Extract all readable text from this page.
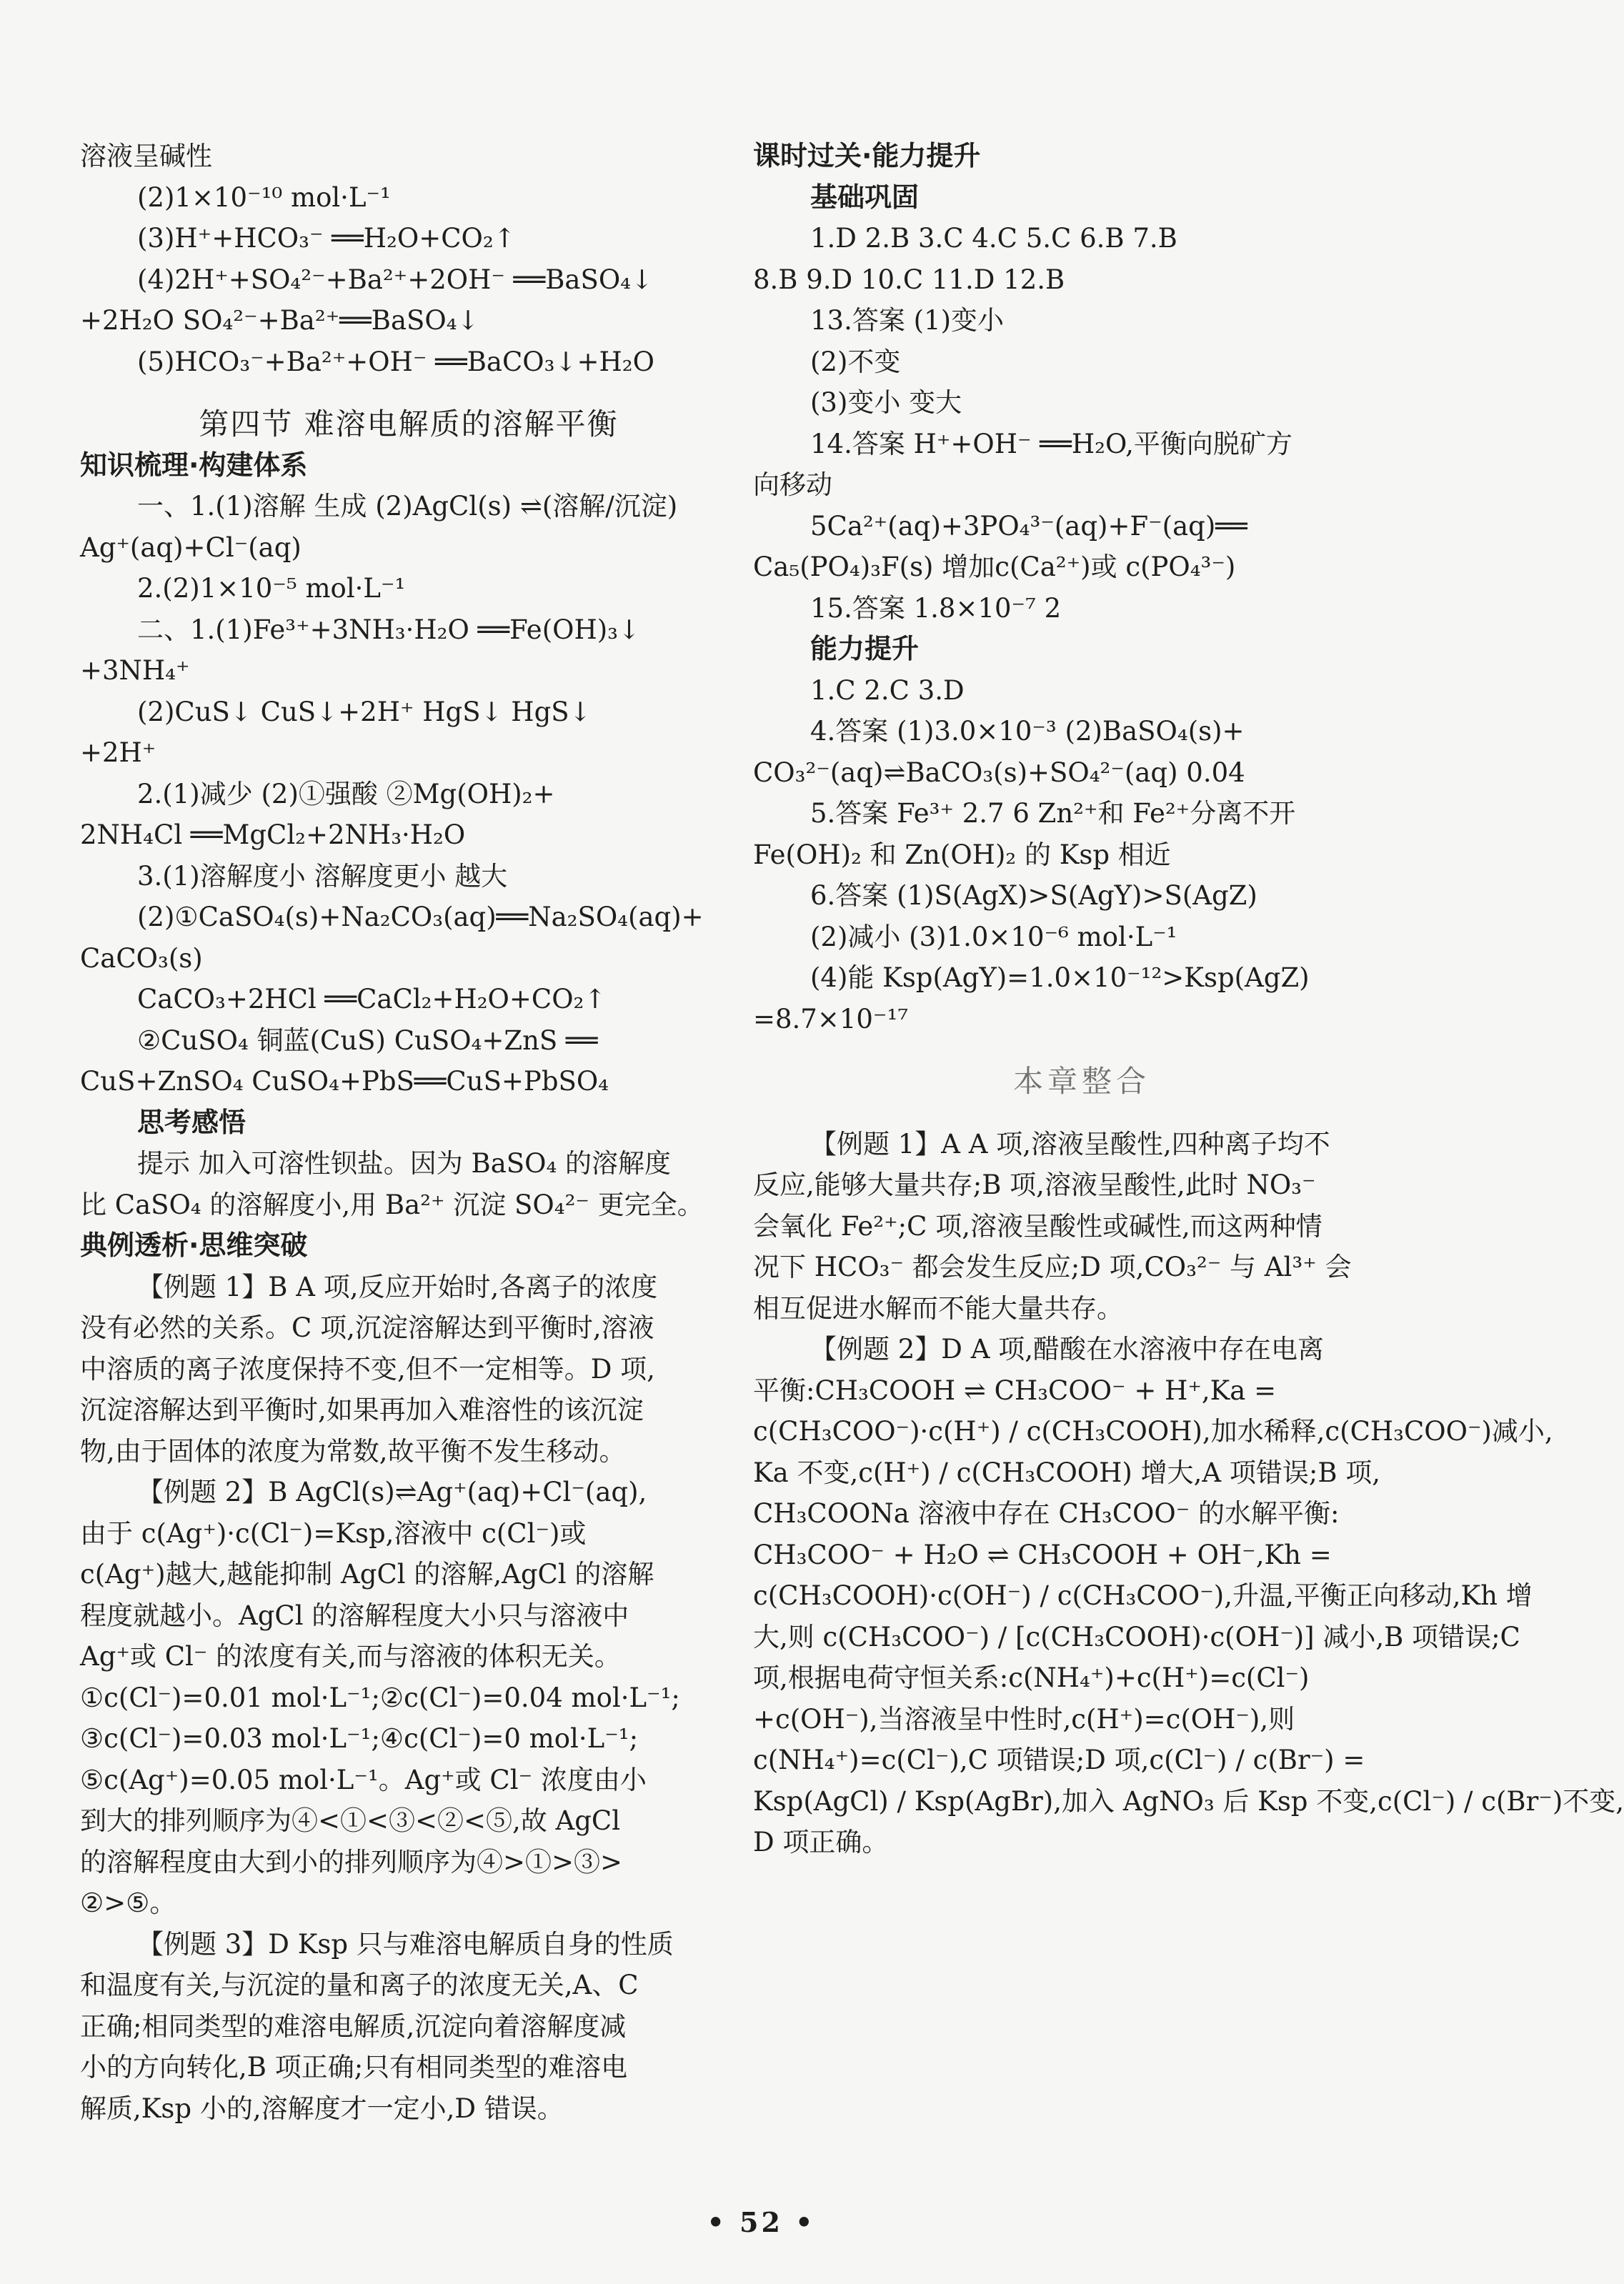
溶液呈碱性
(2)1×10⁻¹⁰ mol·L⁻¹
(3)H⁺+HCO₃⁻ ══H₂O+CO₂↑
(4)2H⁺+SO₄²⁻+Ba²⁺+2OH⁻ ══BaSO₄↓
+2H₂O SO₄²⁻+Ba²⁺══BaSO₄↓
(5)HCO₃⁻+Ba²⁺+OH⁻ ══BaCO₃↓+H₂O
第四节 难溶电解质的溶解平衡
知识梳理·构建体系
一、1.(1)溶解 生成 (2)AgCl(s) ⇌(溶解/沉淀)
Ag⁺(aq)+Cl⁻(aq)
2.(2)1×10⁻⁵ mol·L⁻¹
二、1.(1)Fe³⁺+3NH₃·H₂O ══Fe(OH)₃↓
+3NH₄⁺
(2)CuS↓ CuS↓+2H⁺ HgS↓ HgS↓
+2H⁺
2.(1)减少 (2)①强酸 ②Mg(OH)₂+
2NH₄Cl ══MgCl₂+2NH₃·H₂O
3.(1)溶解度小 溶解度更小 越大
(2)①CaSO₄(s)+Na₂CO₃(aq)══Na₂SO₄(aq)+
CaCO₃(s)
CaCO₃+2HCl ══CaCl₂+H₂O+CO₂↑
②CuSO₄ 铜蓝(CuS) CuSO₄+ZnS ══
CuS+ZnSO₄ CuSO₄+PbS══CuS+PbSO₄
思考感悟
提示 加入可溶性钡盐。因为 BaSO₄ 的溶解度
比 CaSO₄ 的溶解度小,用 Ba²⁺ 沉淀 SO₄²⁻ 更完全。
典例透析·思维突破
【例题 1】B A 项,反应开始时,各离子的浓度
没有必然的关系。C 项,沉淀溶解达到平衡时,溶液
中溶质的离子浓度保持不变,但不一定相等。D 项,
沉淀溶解达到平衡时,如果再加入难溶性的该沉淀
物,由于固体的浓度为常数,故平衡不发生移动。
【例题 2】B AgCl(s)⇌Ag⁺(aq)+Cl⁻(aq),
由于 c(Ag⁺)·c(Cl⁻)=Ksp,溶液中 c(Cl⁻)或
c(Ag⁺)越大,越能抑制 AgCl 的溶解,AgCl 的溶解
程度就越小。AgCl 的溶解程度大小只与溶液中
Ag⁺或 Cl⁻ 的浓度有关,而与溶液的体积无关。
①c(Cl⁻)=0.01 mol·L⁻¹;②c(Cl⁻)=0.04 mol·L⁻¹;
③c(Cl⁻)=0.03 mol·L⁻¹;④c(Cl⁻)=0 mol·L⁻¹;
⑤c(Ag⁺)=0.05 mol·L⁻¹。Ag⁺或 Cl⁻ 浓度由小
到大的排列顺序为④<①<③<②<⑤,故 AgCl
的溶解程度由大到小的排列顺序为④>①>③>
②>⑤。
【例题 3】D Ksp 只与难溶电解质自身的性质
和温度有关,与沉淀的量和离子的浓度无关,A、C
正确;相同类型的难溶电解质,沉淀向着溶解度减
小的方向转化,B 项正确;只有相同类型的难溶电
解质,Ksp 小的,溶解度才一定小,D 错误。
课时过关·能力提升
基础巩固
1.D 2.B 3.C 4.C 5.C 6.B 7.B
8.B 9.D 10.C 11.D 12.B
13.答案 (1)变小
(2)不变
(3)变小 变大
14.答案 H⁺+OH⁻ ══H₂O,平衡向脱矿方
向移动
5Ca²⁺(aq)+3PO₄³⁻(aq)+F⁻(aq)══
Ca₅(PO₄)₃F(s) 增加c(Ca²⁺)或 c(PO₄³⁻)
15.答案 1.8×10⁻⁷ 2
能力提升
1.C 2.C 3.D
4.答案 (1)3.0×10⁻³ (2)BaSO₄(s)+
CO₃²⁻(aq)⇌BaCO₃(s)+SO₄²⁻(aq) 0.04
5.答案 Fe³⁺ 2.7 6 Zn²⁺和 Fe²⁺分离不开
Fe(OH)₂ 和 Zn(OH)₂ 的 Ksp 相近
6.答案 (1)S(AgX)>S(AgY)>S(AgZ)
(2)减小 (3)1.0×10⁻⁶ mol·L⁻¹
(4)能 Ksp(AgY)=1.0×10⁻¹²>Ksp(AgZ)
=8.7×10⁻¹⁷
本章整合
【例题 1】A A 项,溶液呈酸性,四种离子均不
反应,能够大量共存;B 项,溶液呈酸性,此时 NO₃⁻
会氧化 Fe²⁺;C 项,溶液呈酸性或碱性,而这两种情
况下 HCO₃⁻ 都会发生反应;D 项,CO₃²⁻ 与 Al³⁺ 会
相互促进水解而不能大量共存。
【例题 2】D A 项,醋酸在水溶液中存在电离
平衡:CH₃COOH ⇌ CH₃COO⁻ + H⁺,Ka =
c(CH₃COO⁻)·c(H⁺) / c(CH₃COOH),加水稀释,c(CH₃COO⁻)减小,
Ka 不变,c(H⁺) / c(CH₃COOH) 增大,A 项错误;B 项,
CH₃COONa 溶液中存在 CH₃COO⁻ 的水解平衡:
CH₃COO⁻ + H₂O ⇌ CH₃COOH + OH⁻,Kh =
c(CH₃COOH)·c(OH⁻) / c(CH₃COO⁻),升温,平衡正向移动,Kh 增
大,则 c(CH₃COO⁻) / [c(CH₃COOH)·c(OH⁻)] 减小,B 项错误;C
项,根据电荷守恒关系:c(NH₄⁺)+c(H⁺)=c(Cl⁻)
+c(OH⁻),当溶液呈中性时,c(H⁺)=c(OH⁻),则
c(NH₄⁺)=c(Cl⁻),C 项错误;D 项,c(Cl⁻) / c(Br⁻) =
Ksp(AgCl) / Ksp(AgBr),加入 AgNO₃ 后 Ksp 不变,c(Cl⁻) / c(Br⁻)不变,
D 项正确。
• 52 •
